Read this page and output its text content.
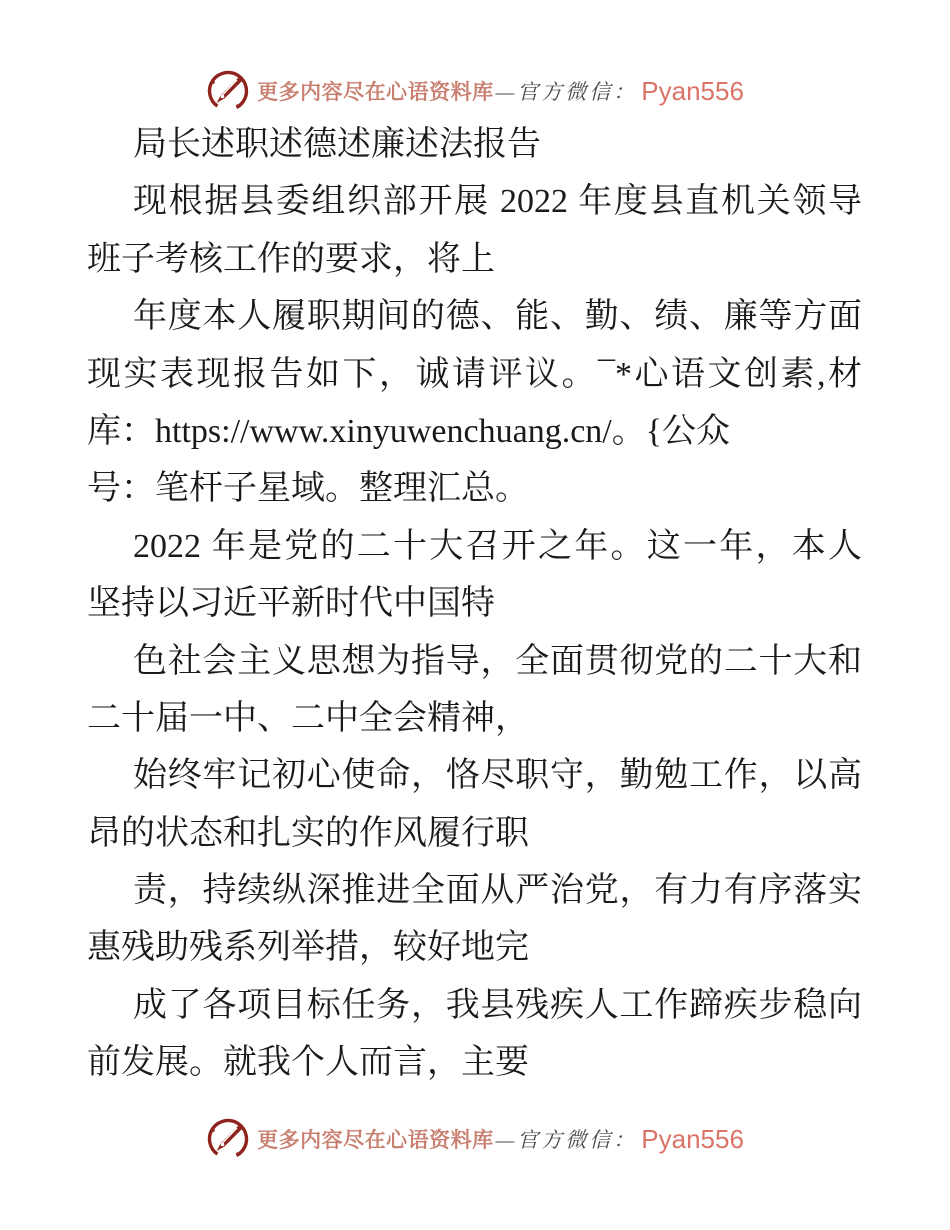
更多内容尽在心语资料库 —官方微信： Pyan556
局长述职述德述廉述法报告
现根据县委组织部开展 2022 年度县直机关领导
班子考核工作的要求，将上
年度本人履职期间的德、能、勤、绩、廉等方面
现实表现报告如下，诚请评议。¯*心语文创素,材
库：https://www.xinyuwenchuang.cn/。{公众
号：笔杆子星域。整理汇总。
2022 年是党的二十大召开之年。这一年，本人
坚持以习近平新时代中国特
色社会主义思想为指导，全面贯彻党的二十大和
二十届一中、二中全会精神，
始终牢记初心使命，恪尽职守，勤勉工作，以高
昂的状态和扎实的作风履行职
责，持续纵深推进全面从严治党，有力有序落实
惠残助残系列举措，较好地完
成了各项目标任务，我县残疾人工作蹄疾步稳向
前发展。就我个人而言，主要
更多内容尽在心语资料库 —官方微信： Pyan556
